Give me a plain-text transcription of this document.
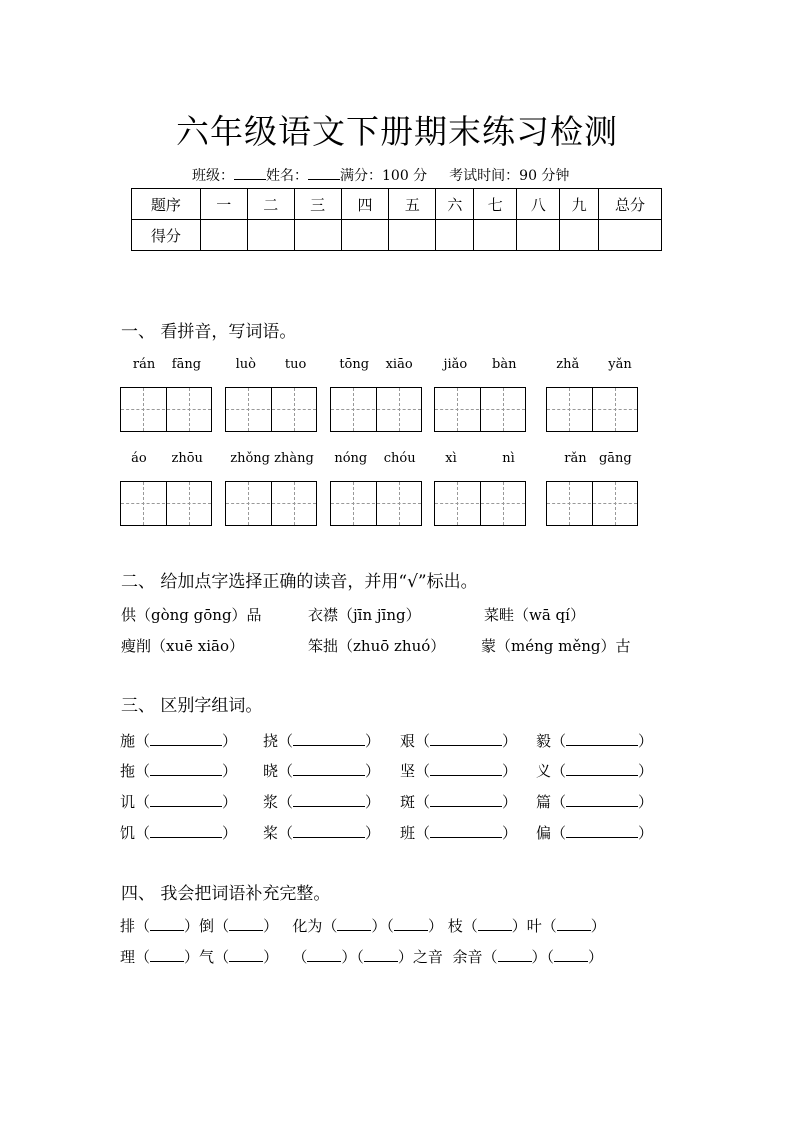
六年级语文下册期末练习检测
班级： 姓名： 满分：100 分 考试时间：90 分钟
题序	一	二	三	四	五	六	七	八	九	总分
得分										
一、 看拼音，写词语。
rán fāng	luò tuo	tōng xiāo	jiǎo bàn	zhǎ yǎn
áo zhōu	zhǒng zhàng	nóng chóu	xì	nì	rǎn gāng
二、 给加点字选择正确的读音，并用“√”标出。
供（gòng gōng）品	衣襟（jīn jīng）	菜畦（wā qí）
瘦削（xuē xiāo）	笨拙（zhuō zhuó） 蒙（méng měng）古
三、 区别字组词。
施（	） 挠（	） 艰（	） 毅（	）
拖（	） 晓（	） 坚（	） 义（	）
讥（	） 浆（	） 斑（	） 篇（	）
饥（	） 桨（	） 班（	） 偏（	）
四、 我会把词语补充完整。
排（ ）倒（ ）   化为（ ）（ ） 枝（ ）叶（ ）
理（ ）气（ ）   （ ）（ ）之音 余音（ ）（ ）
